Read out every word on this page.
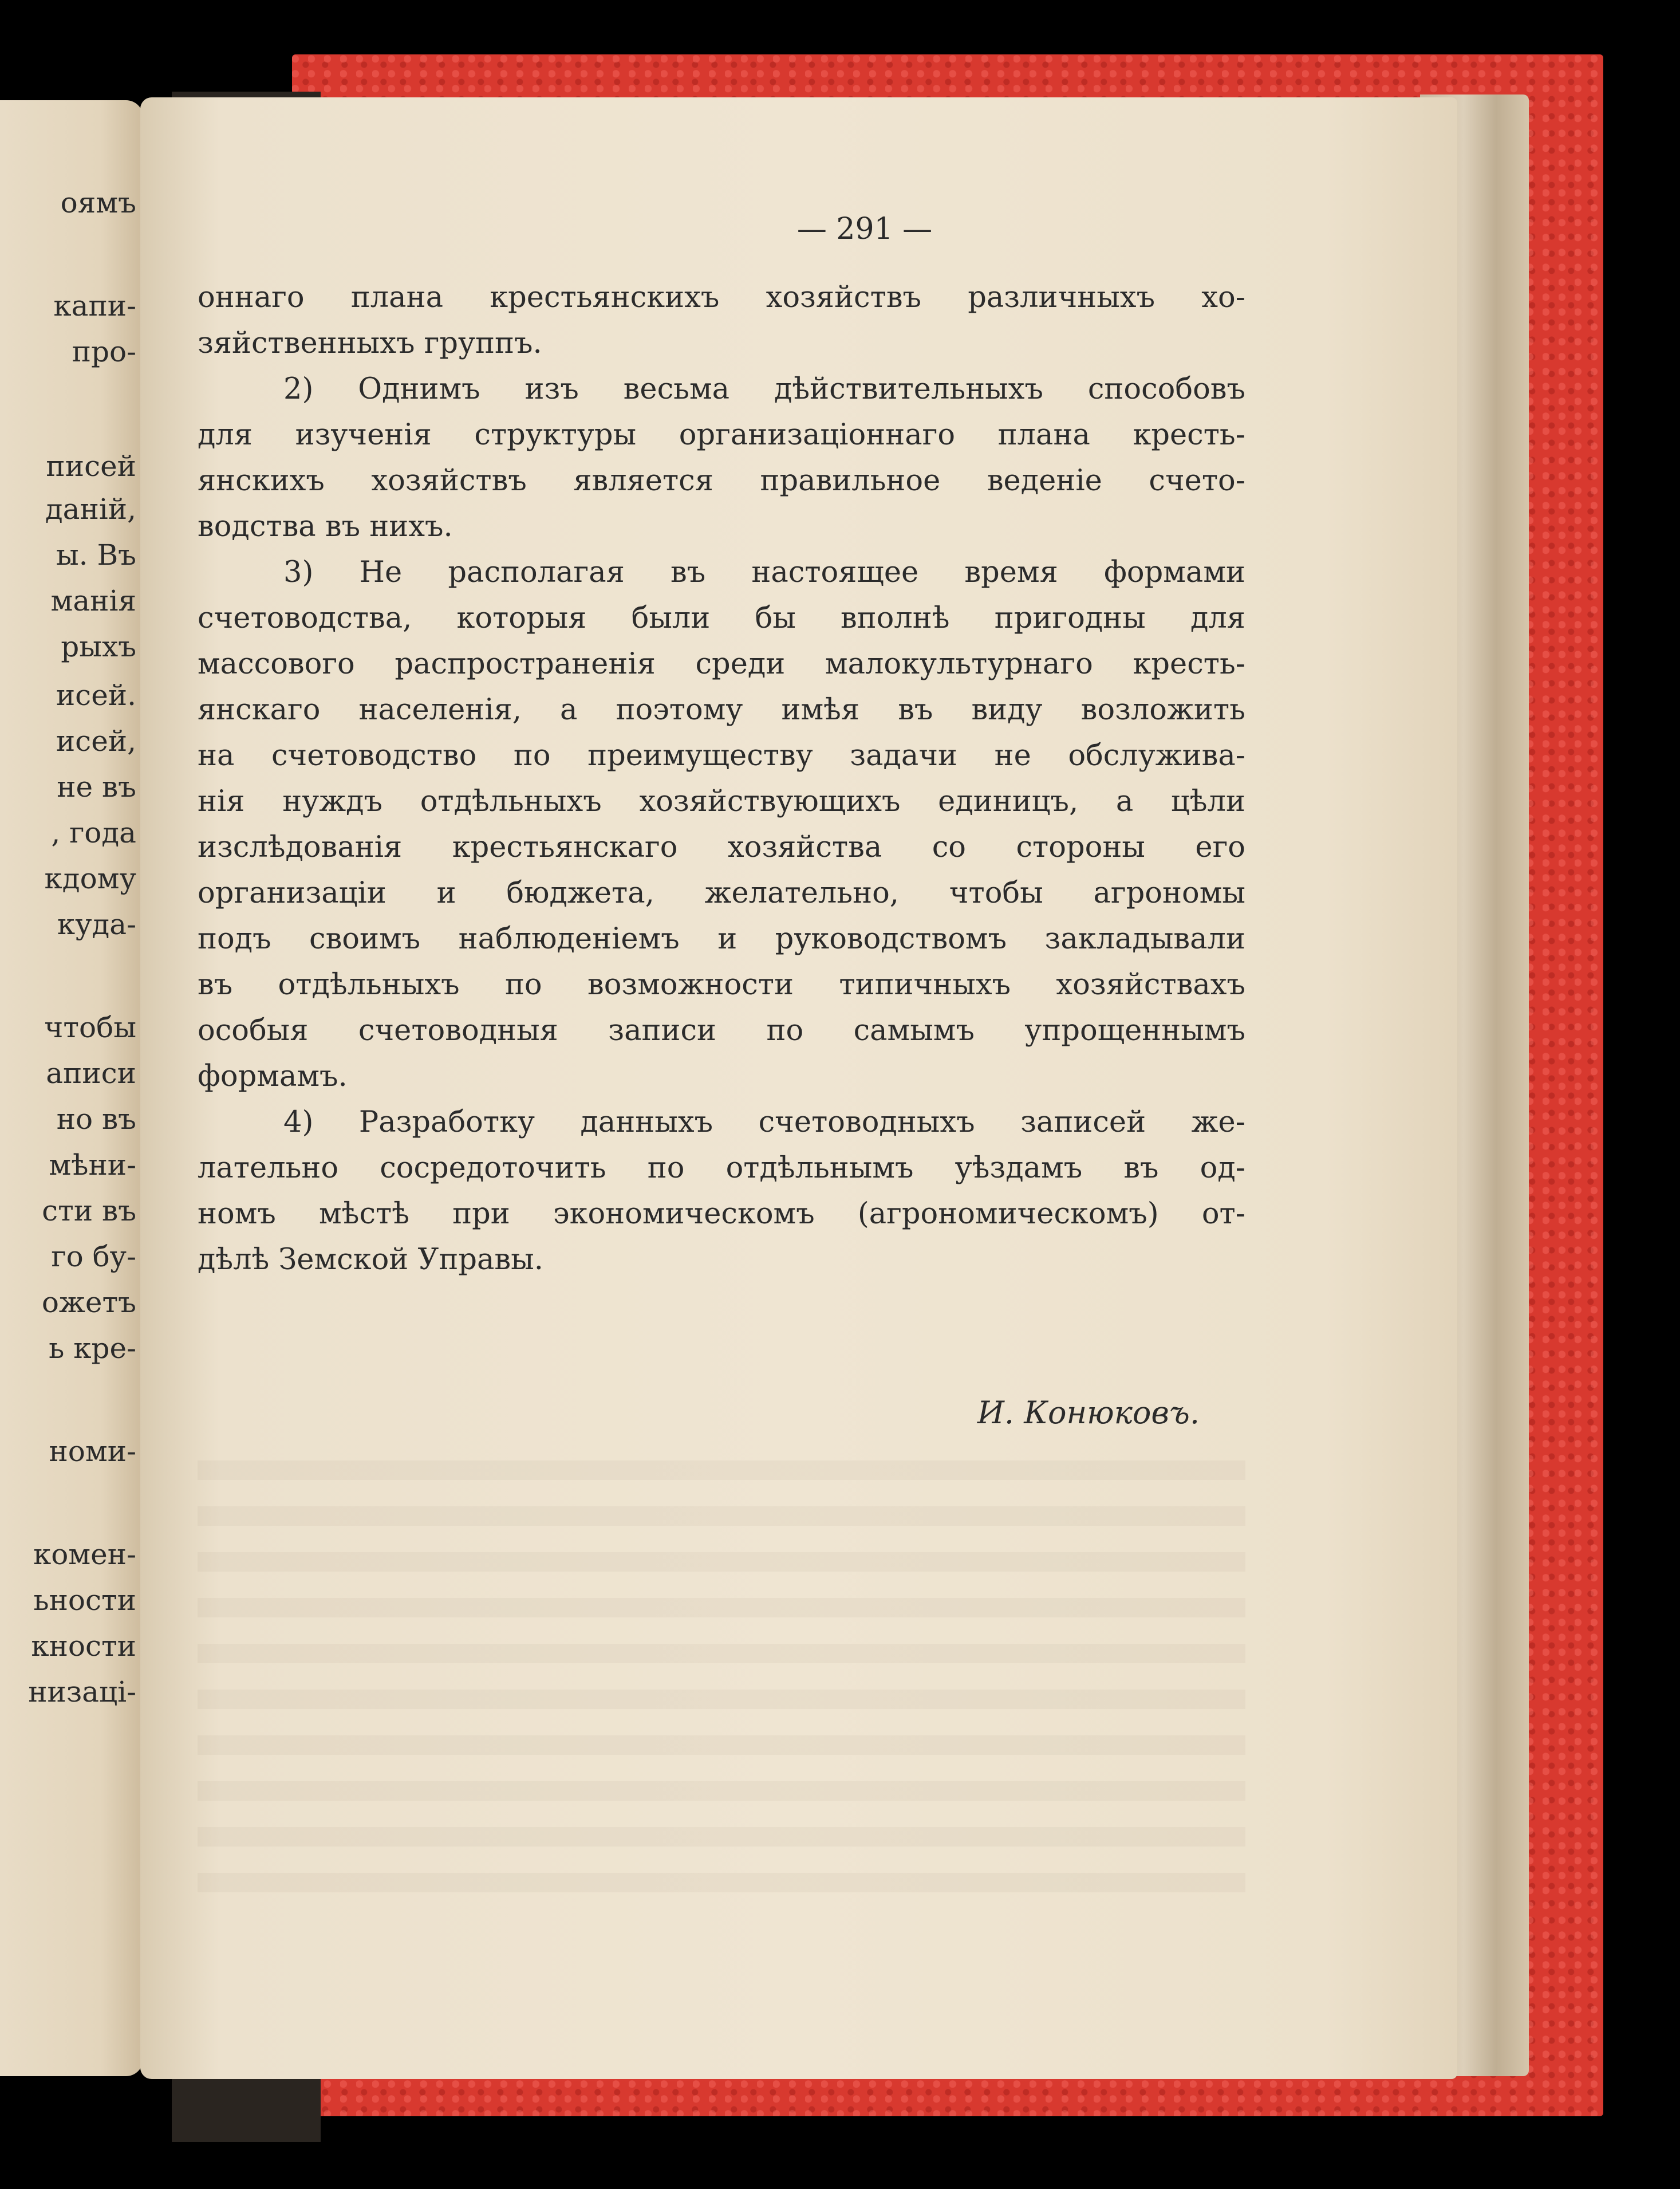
оямъ
капи-
про-
писей
даній,
ы. Въ
манія
рыхъ
исей.
исей,
не въ
, года
кдому
куда-
чтобы
аписи
но въ
мѣни-
сти въ
го бу-
ожетъ
ь кре-
номи-
комен-
ьности
кности
низаці-
— 291 —
оннаго плана крестьянскихъ хозяйствъ различныхъ хо-
зяйственныхъ группъ.
2) Однимъ изъ весьма дѣйствительныхъ способовъ
для изученія структуры организаціоннаго плана кресть-
янскихъ хозяйствъ является правильное веденіе счето-
водства въ нихъ.
3) Не располагая въ настоящее время формами
счетоводства, которыя были бы вполнѣ пригодны для
массового распространенія среди малокультурнаго кресть-
янскаго населенія, а поэтому имѣя въ виду возложить
на счетоводство по преимуществу задачи не обслужива-
нія нуждъ отдѣльныхъ хозяйствующихъ единицъ, а цѣли
изслѣдованія крестьянскаго хозяйства со стороны его
организаціи и бюджета, желательно, чтобы агрономы
подъ своимъ наблюденіемъ и руководствомъ закладывали
въ отдѣльныхъ по возможности типичныхъ хозяйствахъ
особыя счетоводныя записи по самымъ упрощеннымъ
формамъ.
4) Разработку данныхъ счетоводныхъ записей же-
лательно сосредоточить по отдѣльнымъ уѣздамъ въ од-
номъ мѣстѣ при экономическомъ (агрономическомъ) от-
дѣлѣ Земской Управы.
И. Конюковъ.
